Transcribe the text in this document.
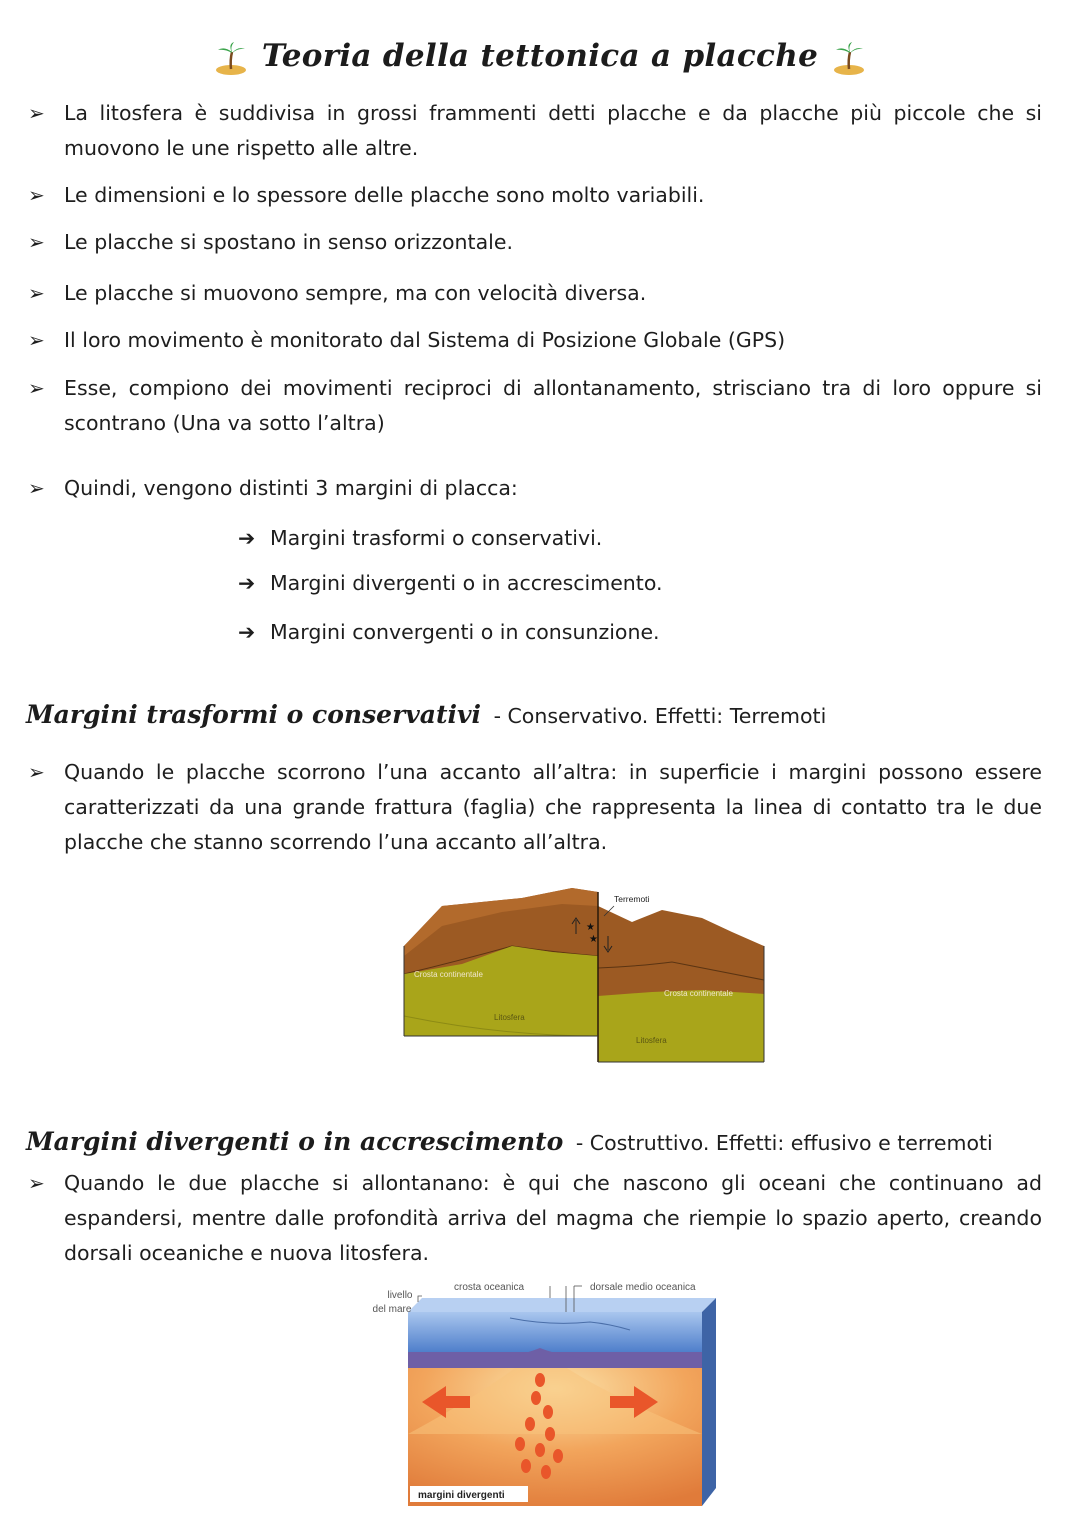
Teoria della tettonica a placche
➢ La litosfera è suddivisa in grossi frammenti detti placche e da placche più piccole che si muovono le une rispetto alle altre.
➢ Le dimensioni e lo spessore delle placche sono molto variabili.
➢ Le placche si spostano in senso orizzontale.
➢ Le placche si muovono sempre, ma con velocità diversa.
➢ Il loro movimento è monitorato dal Sistema di Posizione Globale (GPS)
➢ Esse, compiono dei movimenti reciproci di allontanamento, strisciano tra di loro oppure si scontrano (Una va sotto l’altra)
➢ Quindi, vengono distinti 3 margini di placca:
➔ Margini trasformi o conservativi.
➔ Margini divergenti o in accrescimento.
➔ Margini convergenti o in consunzione.
Margini trasformi o conservativi - Conservativo. Effetti: Terremoti
➢ Quando le placche scorrono l’una accanto all’altra: in superficie i margini possono essere caratterizzati da una grande frattura (faglia) che rappresenta la linea di contatto tra le due placche che stanno scorrendo l’una accanto all’altra.
★
★
Terremoti
Crosta continentale
Crosta continentale
Litosfera
Litosfera
Margini divergenti o in accrescimento - Costruttivo. Effetti: effusivo e terremoti
➢ Quando le due placche si allontanano: è qui che nascono gli oceani che continuano ad espandersi, mentre dalle profondità arriva del magma che riempie lo spazio aperto, creando dorsali oceaniche e nuova litosfera.
livello
del mare
crosta oceanica	dorsale medio oceanica
margini divergenti
